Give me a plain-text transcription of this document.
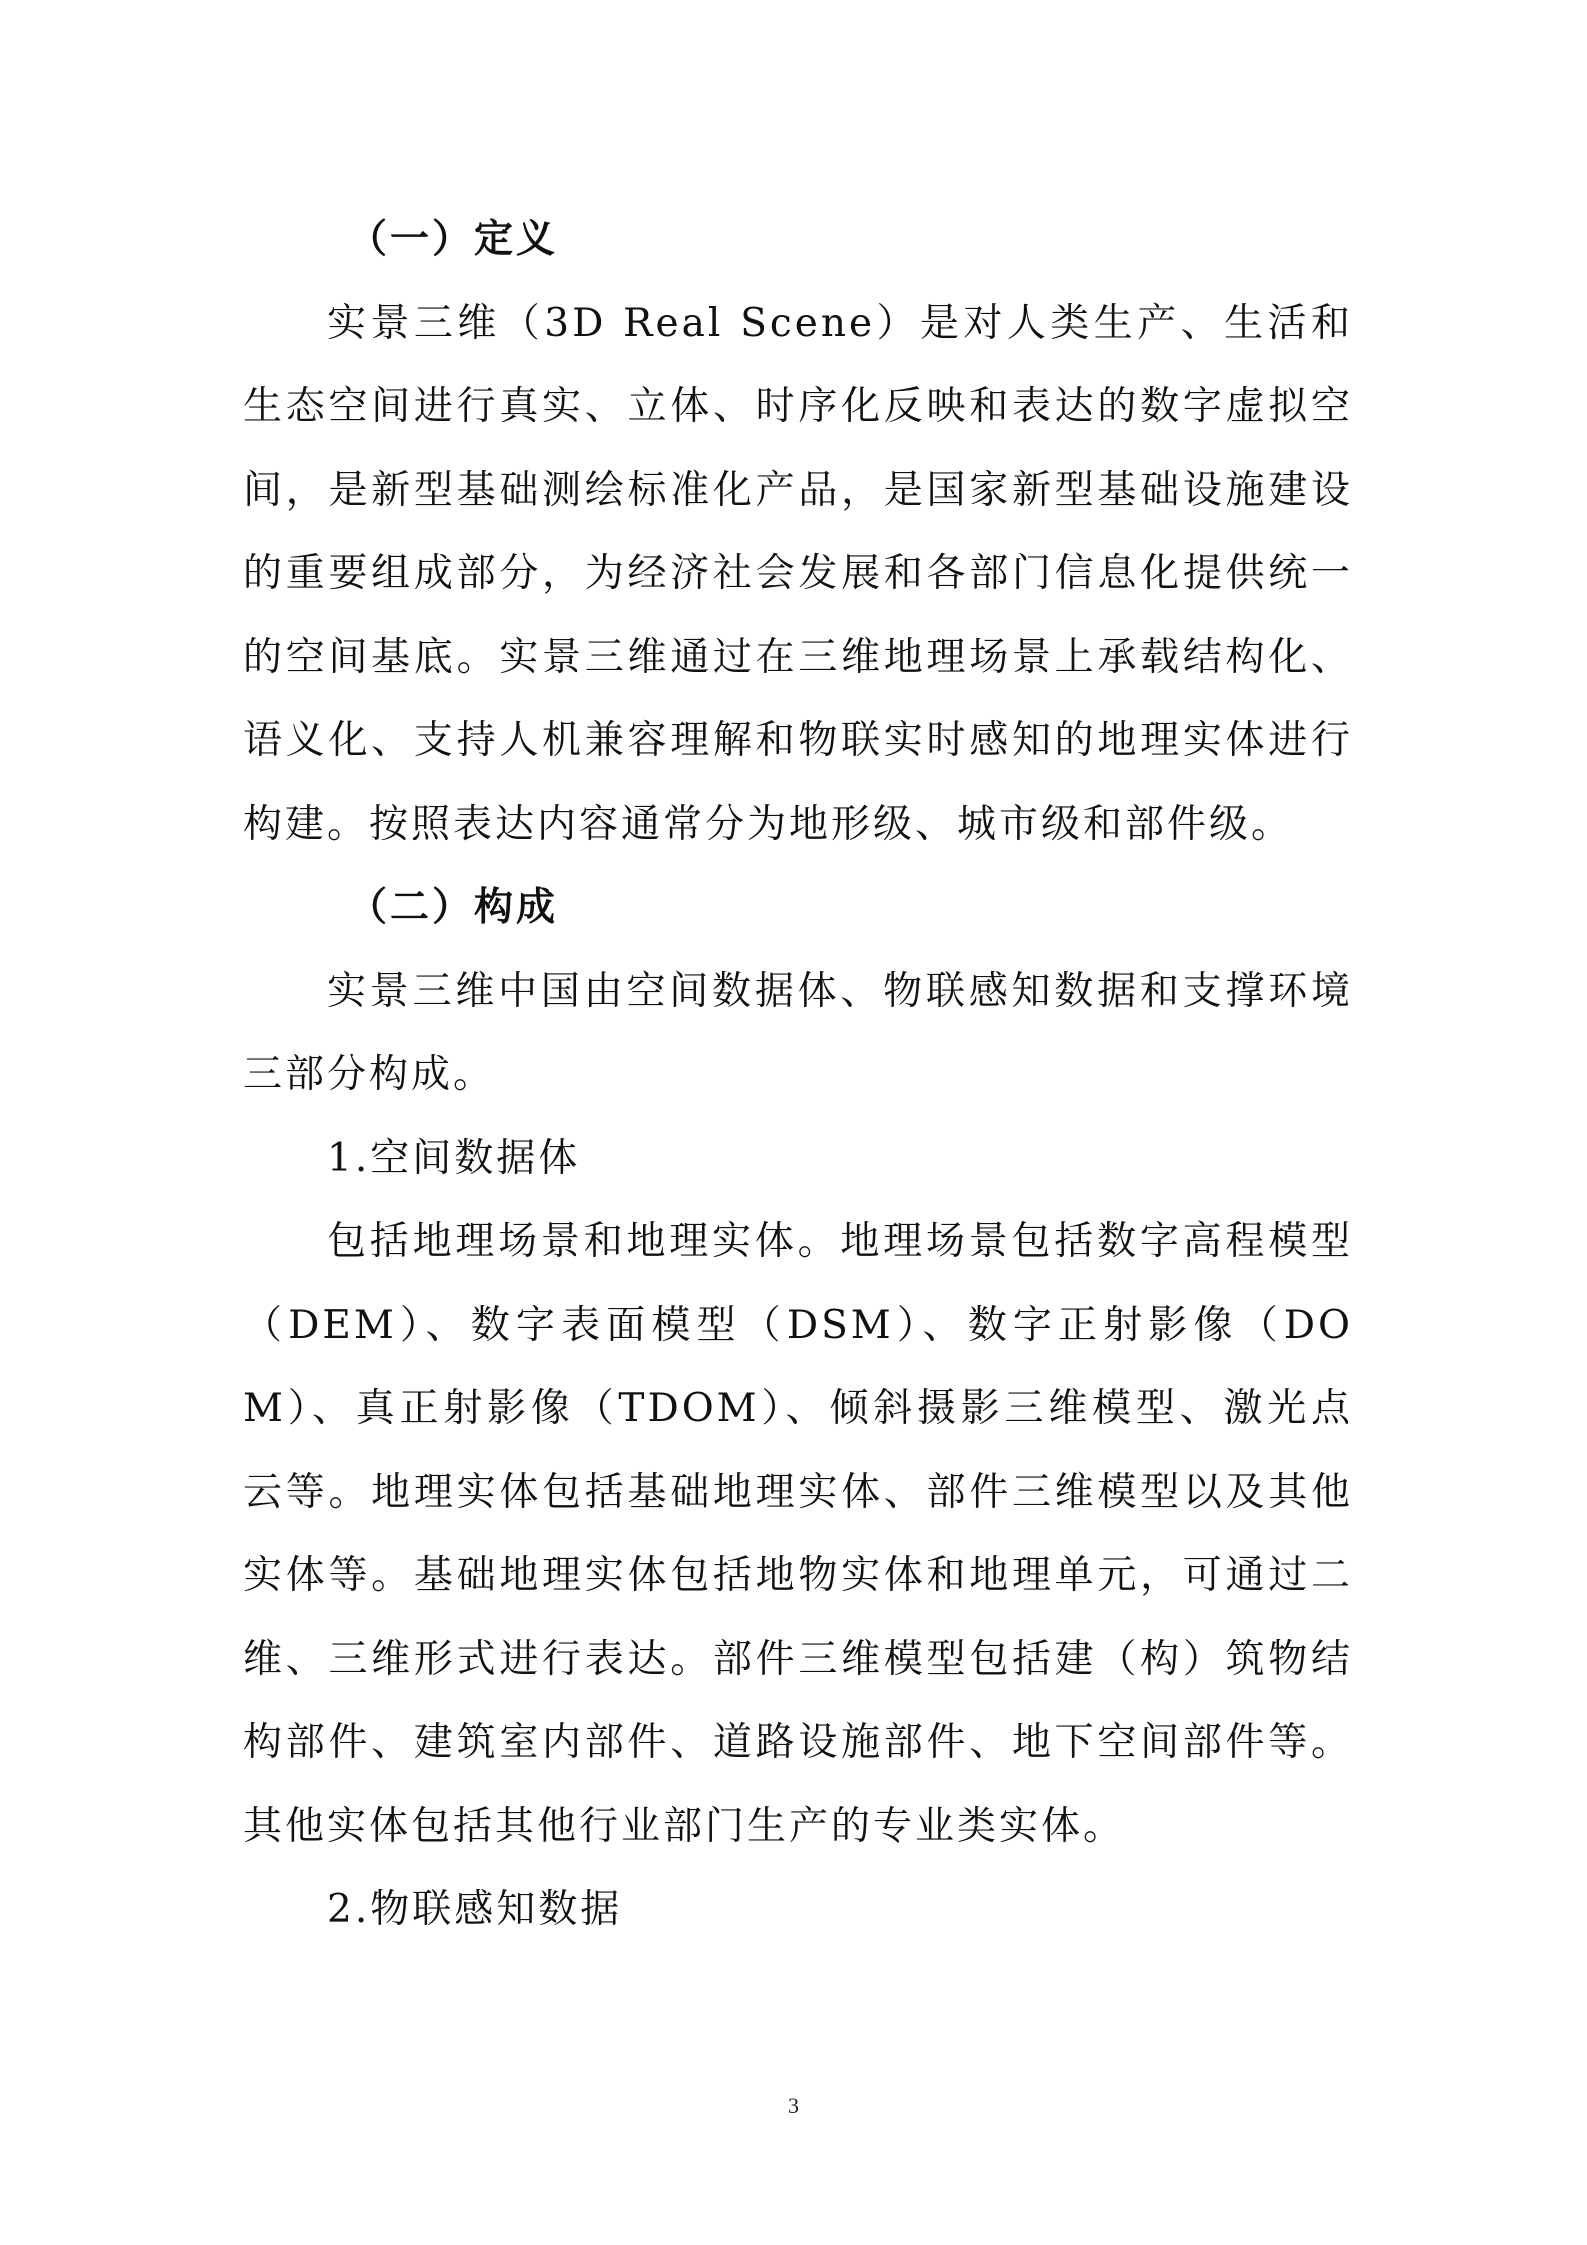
（一）定义

实景三维（3D Real Scene）是对人类生产、生活和生态空间进行真实、立体、时序化反映和表达的数字虚拟空间，是新型基础测绘标准化产品，是国家新型基础设施建设的重要组成部分，为经济社会发展和各部门信息化提供统一的空间基底。实景三维通过在三维地理场景上承载结构化、语义化、支持人机兼容理解和物联实时感知的地理实体进行构建。按照表达内容通常分为地形级、城市级和部件级。

（二）构成

实景三维中国由空间数据体、物联感知数据和支撑环境三部分构成。

1.空间数据体

包括地理场景和地理实体。地理场景包括数字高程模型（DEM）、数字表面模型（DSM）、数字正射影像（DOM）、真正射影像（TDOM）、倾斜摄影三维模型、激光点云等。地理实体包括基础地理实体、部件三维模型以及其他实体等。基础地理实体包括地物实体和地理单元，可通过二维、三维形式进行表达。部件三维模型包括建（构）筑物结构部件、建筑室内部件、道路设施部件、地下空间部件等。其他实体包括其他行业部门生产的专业类实体。

2.物联感知数据

3
